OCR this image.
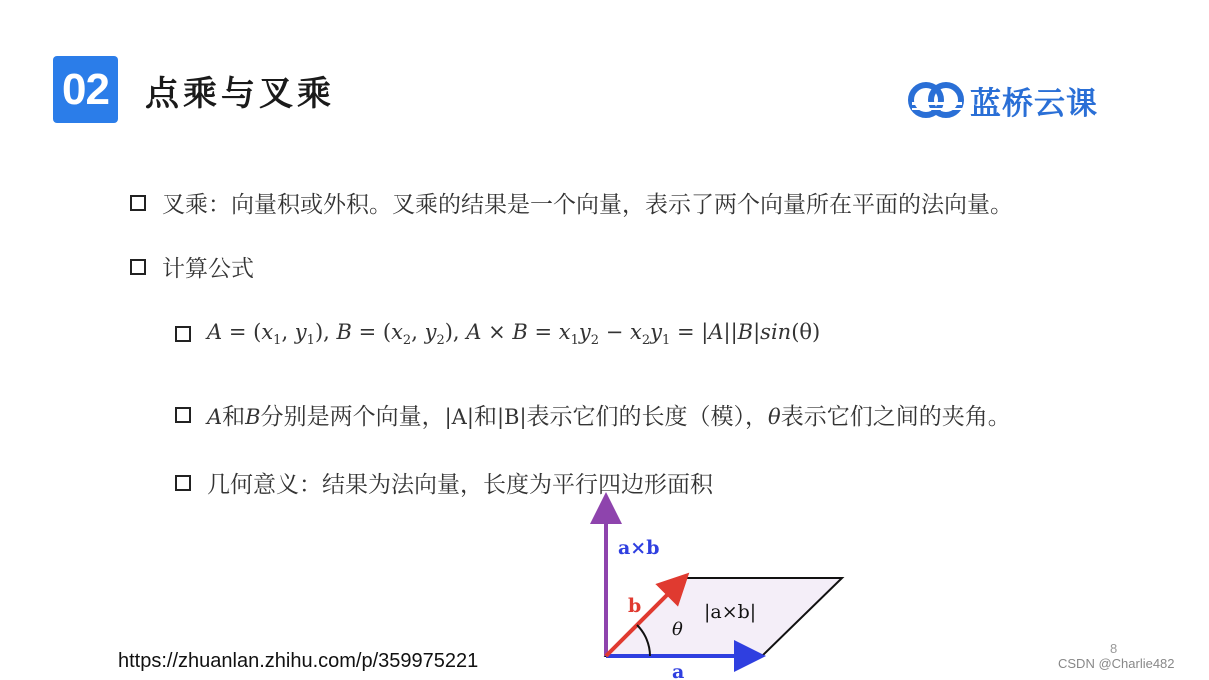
02 点乘与叉乘	蓝桥云课
叉乘：向量积或外积。叉乘的结果是一个向量，表示了两个向量所在平面的法向量。
计算公式
$A = (x_1$, $y_1$), $B = (x_2$, $y_2$), $A \times B = x_1y_2 - x_2y_1 = |A||B|\sin(\theta)$
A和B分别是两个向量，|A|和|B|表示它们的长度（模），θ表示它们之间的夹角。
几何意义：结果为法向量，长度为平行四边形面积
a×b
b
θ
|a×b|
a
https://zhuanlan.zhihu.com/p/359975221
8
CSDN @Charlie482
